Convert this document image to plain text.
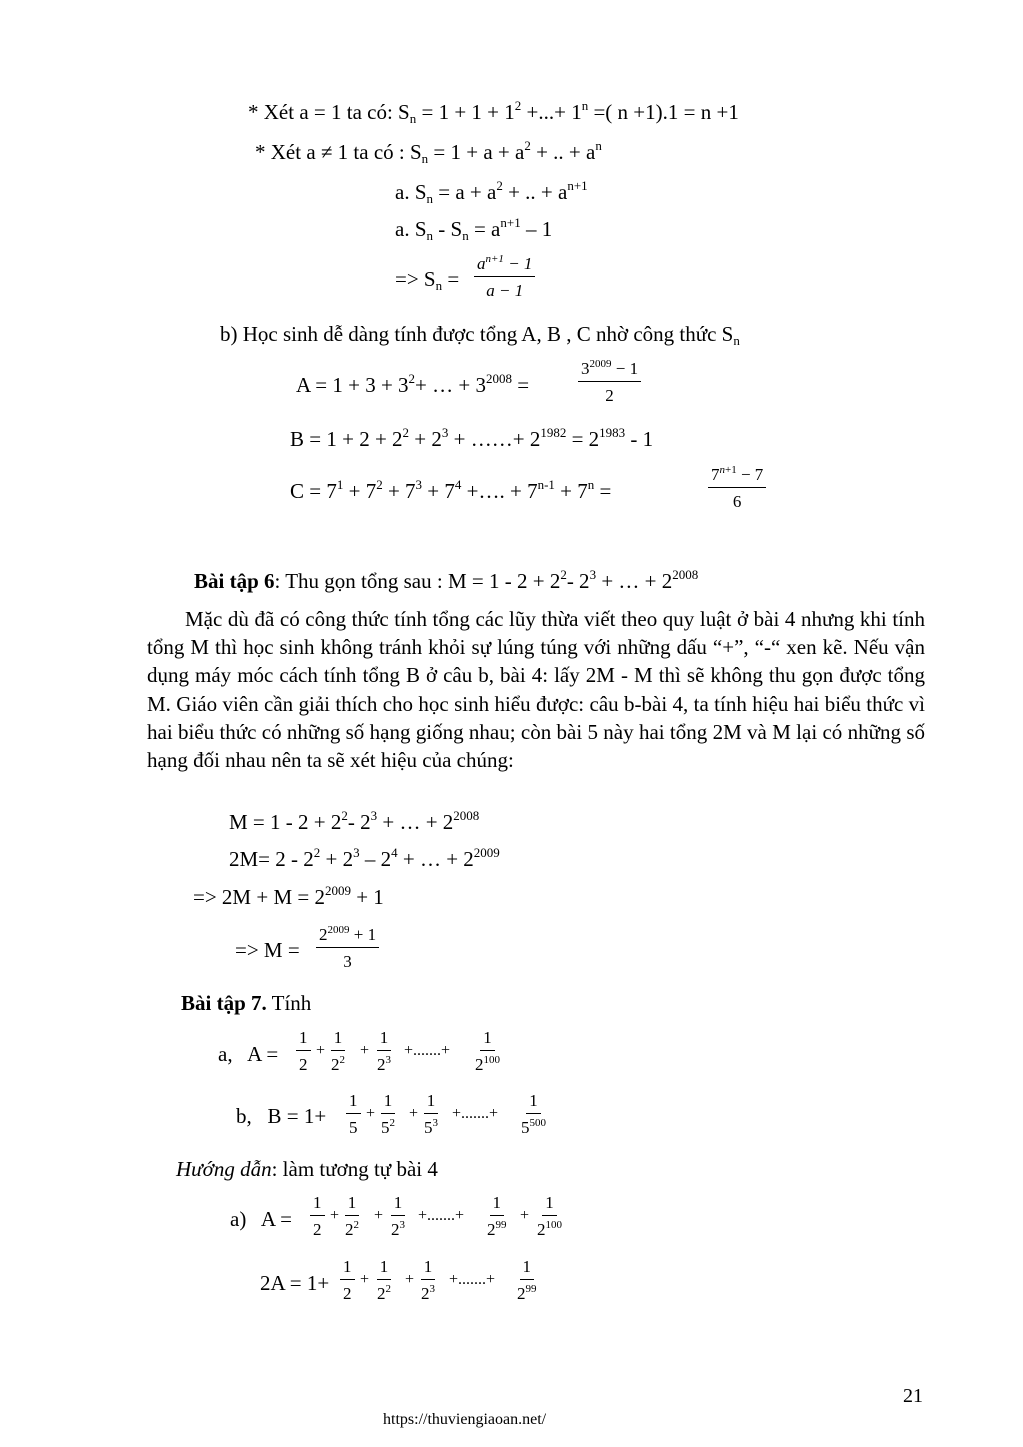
* Xét a = 1 ta có: $S_n = 1 + 1 + 1^2$ +...+ $1^n$ =( n +1).1 = n +1
* Xét a ≠ 1 ta có : $S_n = 1 + a + a^2$ + .. + $a^n$
a. $S_n = a + a^2$ + .. + $a^{n+1}$
a. $S_n - S_n = a^{n+1} - 1$
=> $S_n = \frac{a^{n+1} - 1}{a - 1}$
b) Học sinh dễ dàng tính được tổng A, B , C nhờ công thức $S_n$
$A = 1 + 3 + 3^2+$ … + $3^{2008}$ =	$\frac{3^{2009} - 1}{2}$
$B = 1 + 2 + 2^2 + 2^3$ + ……+ $2^{1982} = 2^{1983} - 1$
$C = 7^1 + 7^2 + 7^3 + 7^4$ +…. + $7^{n-1} + 7^n$ =	$\frac{7^{n+1} - 7}{6}$
Bài tập 6: Thu gọn tổng sau : $M = 1 - 2 + 2^2-$ $2^3$ + … + $2^{2008}$
Mặc dù đã có công thức tính tổng các lũy thừa viết theo quy luật ở bài 4 nhưng khi tính tổng M thì học sinh không tránh khỏi sự lúng túng với những dấu “+”, “-“ xen kẽ. Nếu vận dụng máy móc cách tính tổng B ở câu b, bài 4: lấy 2M - M thì sẽ không thu gọn được tổng M. Giáo viên cần giải thích cho học sinh hiểu được: câu b-bài 4, ta tính hiệu hai biểu thức vì hai biểu thức có những số hạng giống nhau; còn bài 5 này hai tổng 2M và M lại có những số hạng đối nhau nên ta sẽ xét hiệu của chúng:
$M = 1 - 2 + 2^2-$ $2^3$ + … + $2^{2008}$
$2M= 2 - 2^2 + 2^3 - 2^4$ + … + $2^{2009}$
=> $2M + M = 2^{2009} + 1$
=> $M = \frac{2^{2009} + 1}{3}$
Bài tập 7. Tính
a,   $A = \frac{1}{2} + \frac{1}{2^2} + \frac{1}{2^3}$ +.......+ $\frac{1}{2^{100}}$
b,   $B = 1+ \frac{1}{5} + \frac{1}{5^2} + \frac{1}{5^3}$ +.......+ $\frac{1}{5^{500}}$
Hướng dẫn: làm tương tự bài 4
a)   $A = \frac{1}{2} + \frac{1}{2^2} + \frac{1}{2^3}$ +.......+ $\frac{1}{2^{99}} + \frac{1}{2^{100}}$
$2A = 1+ \frac{1}{2} + \frac{1}{2^2} + \frac{1}{2^3}$ +.......+ $\frac{1}{2^{99}}$
21
https://thuviengiaoan.net/
